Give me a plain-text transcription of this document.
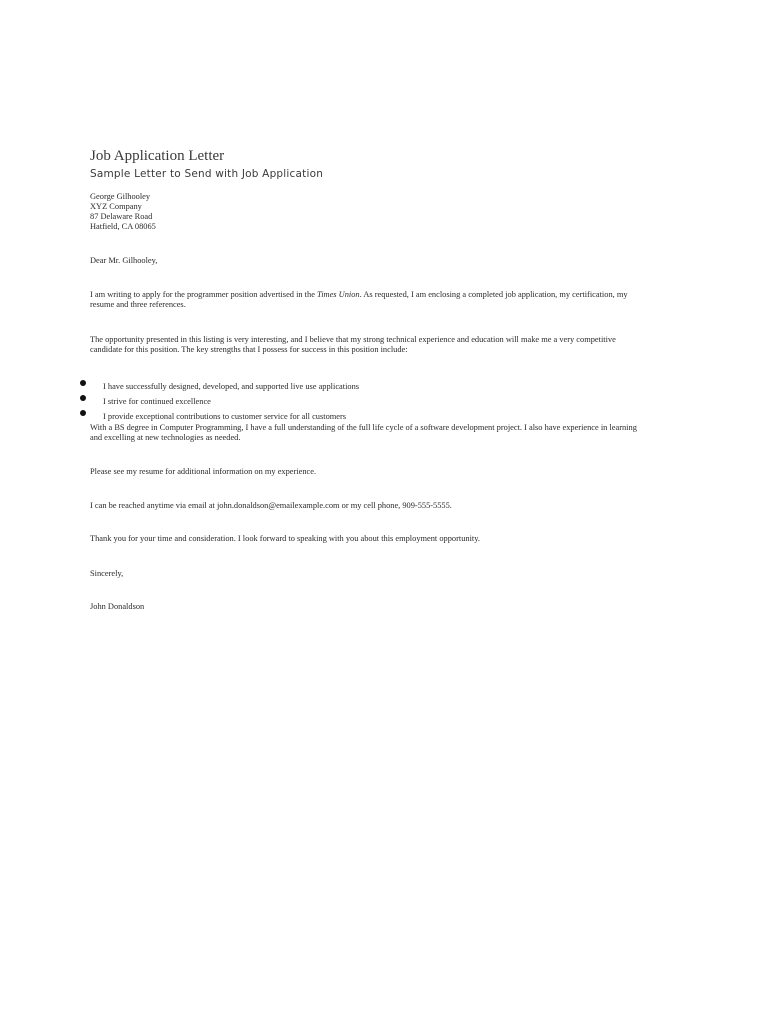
Job Application Letter
Sample Letter to Send with Job Application
George Gilhooley
XYZ Company
87 Delaware Road
Hatfield, CA 08065
Dear Mr. Gilhooley,
I am writing to apply for the programmer position advertised in the Times Union. As requested, I am enclosing a completed job application, my certification, my
resume and three references.
The opportunity presented in this listing is very interesting, and I believe that my strong technical experience and education will make me a very competitive
candidate for this position. The key strengths that I possess for success in this position include:
I have successfully designed, developed, and supported live use applications
I strive for continued excellence
I provide exceptional contributions to customer service for all customers
With a BS degree in Computer Programming, I have a full understanding of the full life cycle of a software development project. I also have experience in learning
and excelling at new technologies as needed.
Please see my resume for additional information on my experience.
I can be reached anytime via email at john.donaldson@emailexample.com or my cell phone, 909-555-5555.
Thank you for your time and consideration. I look forward to speaking with you about this employment opportunity.
Sincerely,
John Donaldson
